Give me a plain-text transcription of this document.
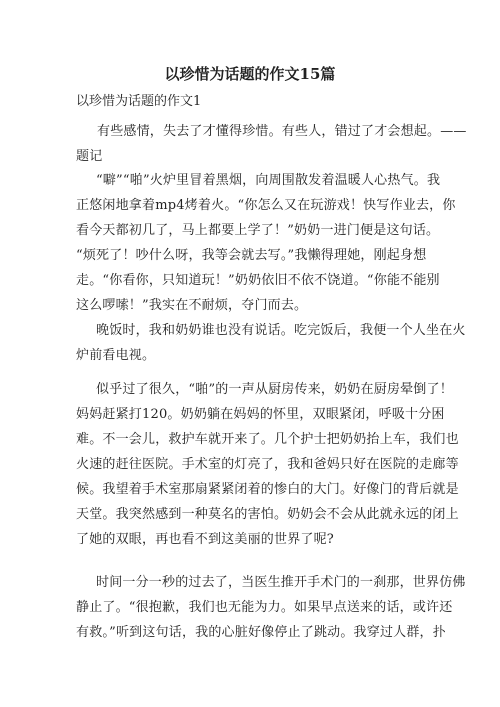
以珍惜为话题的作文15篇
以珍惜为话题的作文1
有些感情，失去了才懂得珍惜。有些人，错过了才会想起。——
题记
“噼”“啪”火炉里冒着黑烟，向周围散发着温暖人心热气。我
正悠闲地拿着mp4烤着火。“你怎么又在玩游戏！快写作业去，你
看今天都初几了，马上都要上学了！”奶奶一进门便是这句话。
“烦死了！吵什么呀，我等会就去写。”我懒得理她，刚起身想
走。“你看你，只知道玩！”奶奶依旧不依不饶道。“你能不能别
这么啰嗦！”我实在不耐烦，夺门而去。
晚饭时，我和奶奶谁也没有说话。吃完饭后，我便一个人坐在火
炉前看电视。
似乎过了很久，“啪”的一声从厨房传来，奶奶在厨房晕倒了！
妈妈赶紧打120。奶奶躺在妈妈的怀里，双眼紧闭，呼吸十分困
难。不一会儿，救护车就开来了。几个护士把奶奶抬上车，我们也
火速的赶往医院。手术室的灯亮了，我和爸妈只好在医院的走廊等
候。我望着手术室那扇紧紧闭着的惨白的大门。好像门的背后就是
天堂。我突然感到一种莫名的害怕。奶奶会不会从此就永远的闭上
了她的双眼，再也看不到这美丽的世界了呢?
时间一分一秒的过去了，当医生推开手术门的一刹那，世界仿佛
静止了。“很抱歉，我们也无能为力。如果早点送来的话，或许还
有救。”听到这句话，我的心脏好像停止了跳动。我穿过人群，扑
